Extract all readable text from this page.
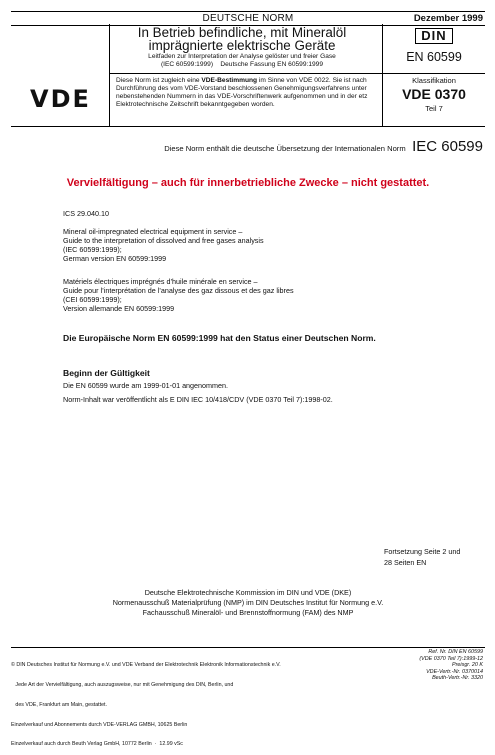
DEUTSCHE NORM	Dezember 1999
In Betrieb befindliche, mit Mineralöl
imprägnierte elektrische Geräte
Leitfaden zur Interpretation der Analyse gelöster und freier Gase
(IEC 60599:1999)    Deutsche Fassung EN 60599:1999
DIN
EN 60599
VDE
Diese Norm ist zugleich eine VDE-Bestimmung im Sinne von VDE 0022. Sie ist nach
Durchführung des vom VDE-Vorstand beschlossenen Genehmigungsverfahrens unter
nebenstehenden Nummern in das VDE-Vorschriftenwerk aufgenommen und in der etz
Elektrotechnische Zeitschrift bekanntgegeben worden.
Klassifikation
VDE 0370
Teil 7
Diese Norm enthält die deutsche Übersetzung der Internationalen Norm IEC 60599
Vervielfältigung – auch für innerbetriebliche Zwecke – nicht gestattet.
ICS 29.040.10
Mineral oil-impregnated electrical equipment in service –
Guide to the interpretation of dissolved and free gases analysis
(IEC 60599:1999);
German version EN 60599:1999
Matériels électriques imprégnés d’huile minérale en service –
Guide pour l’interprétation de l’analyse des gaz dissous et des gaz libres
(CEI 60599:1999);
Version allemande EN 60599:1999
Die Europäische Norm EN 60599:1999 hat den Status einer Deutschen Norm.
Beginn der Gültigkeit
Die EN 60599 wurde am 1999-01-01 angenommen.
Norm-Inhalt war veröffentlicht als E DIN IEC 10/418/CDV (VDE 0370 Teil 7):1998-02.
Fortsetzung Seite 2 und
28 Seiten EN
Deutsche Elektrotechnische Kommission im DIN und VDE (DKE)
Normenausschuß Materialprüfung (NMP) im DIN Deutsches Institut für Normung e.V.
Fachausschuß Mineralöl- und Brennstoffnormung (FAM) des NMP

© DIN Deutsches Institut für Normung e.V. und VDE Verband der Elektrotechnik Elektronik Informationstechnik e.V.

Jede Art der Vervielfältigung, auch auszugsweise, nur mit Genehmigung des DIN, Berlin, und

des VDE, Frankfurt am Main, gestattet.

Einzelverkauf und Abonnements durch VDE-VERLAG GMBH, 10625 Berlin

Einzelverkauf auch durch Beuth Verlag GmbH, 10772 Berlin  ·  12.99 vSc

Ref. Nr. DIN EN 60599
(VDE 0370 Teil 7):1999-12
Preisgr. 20 K
VDE-Vertr.-Nr. 0370014
Beuth-Vertr.-Nr. 3320
